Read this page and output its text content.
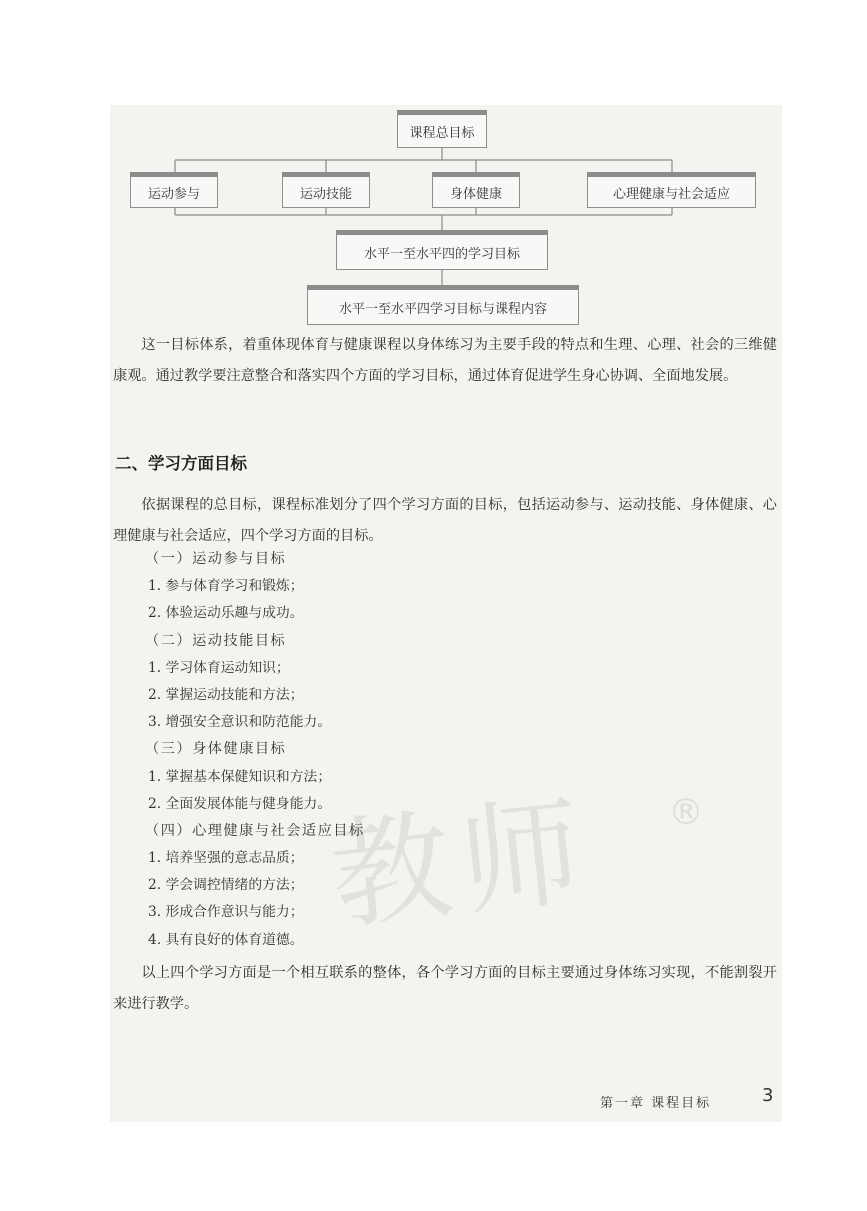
课程总目标
运动参与	运动技能	身体健康	心理健康与社会适应
水平一至水平四的学习目标
水平一至水平四学习目标与课程内容

这一目标体系，着重体现体育与健康课程以身体练习为主要手段的特点和生理、心理、社会的三维健康观。通过教学要注意整合和落实四个方面的学习目标，通过体育促进学生身心协调、全面地发展。

二、学习方面目标

依据课程的总目标，课程标准划分了四个学习方面的目标，包括运动参与、运动技能、身体健康、心理健康与社会适应，四个学习方面的目标。

®
（一）运动参与目标
1. 参与体育学习和锻炼；
2. 体验运动乐趣与成功。
（二）运动技能目标
1. 学习体育运动知识；
2. 掌握运动技能和方法；
3. 增强安全意识和防范能力。
（三）身体健康目标
1. 掌握基本保健知识和方法；
2. 全面发展体能与健身能力。
（四）心理健康与社会适应目标
1. 培养坚强的意志品质；
2. 学会调控情绪的方法；
3. 形成合作意识与能力；
4. 具有良好的体育道德。

以上四个学习方面是一个相互联系的整体，各个学习方面的目标主要通过身体练习实现，不能割裂开来进行教学。

第一章 课程目标	3
